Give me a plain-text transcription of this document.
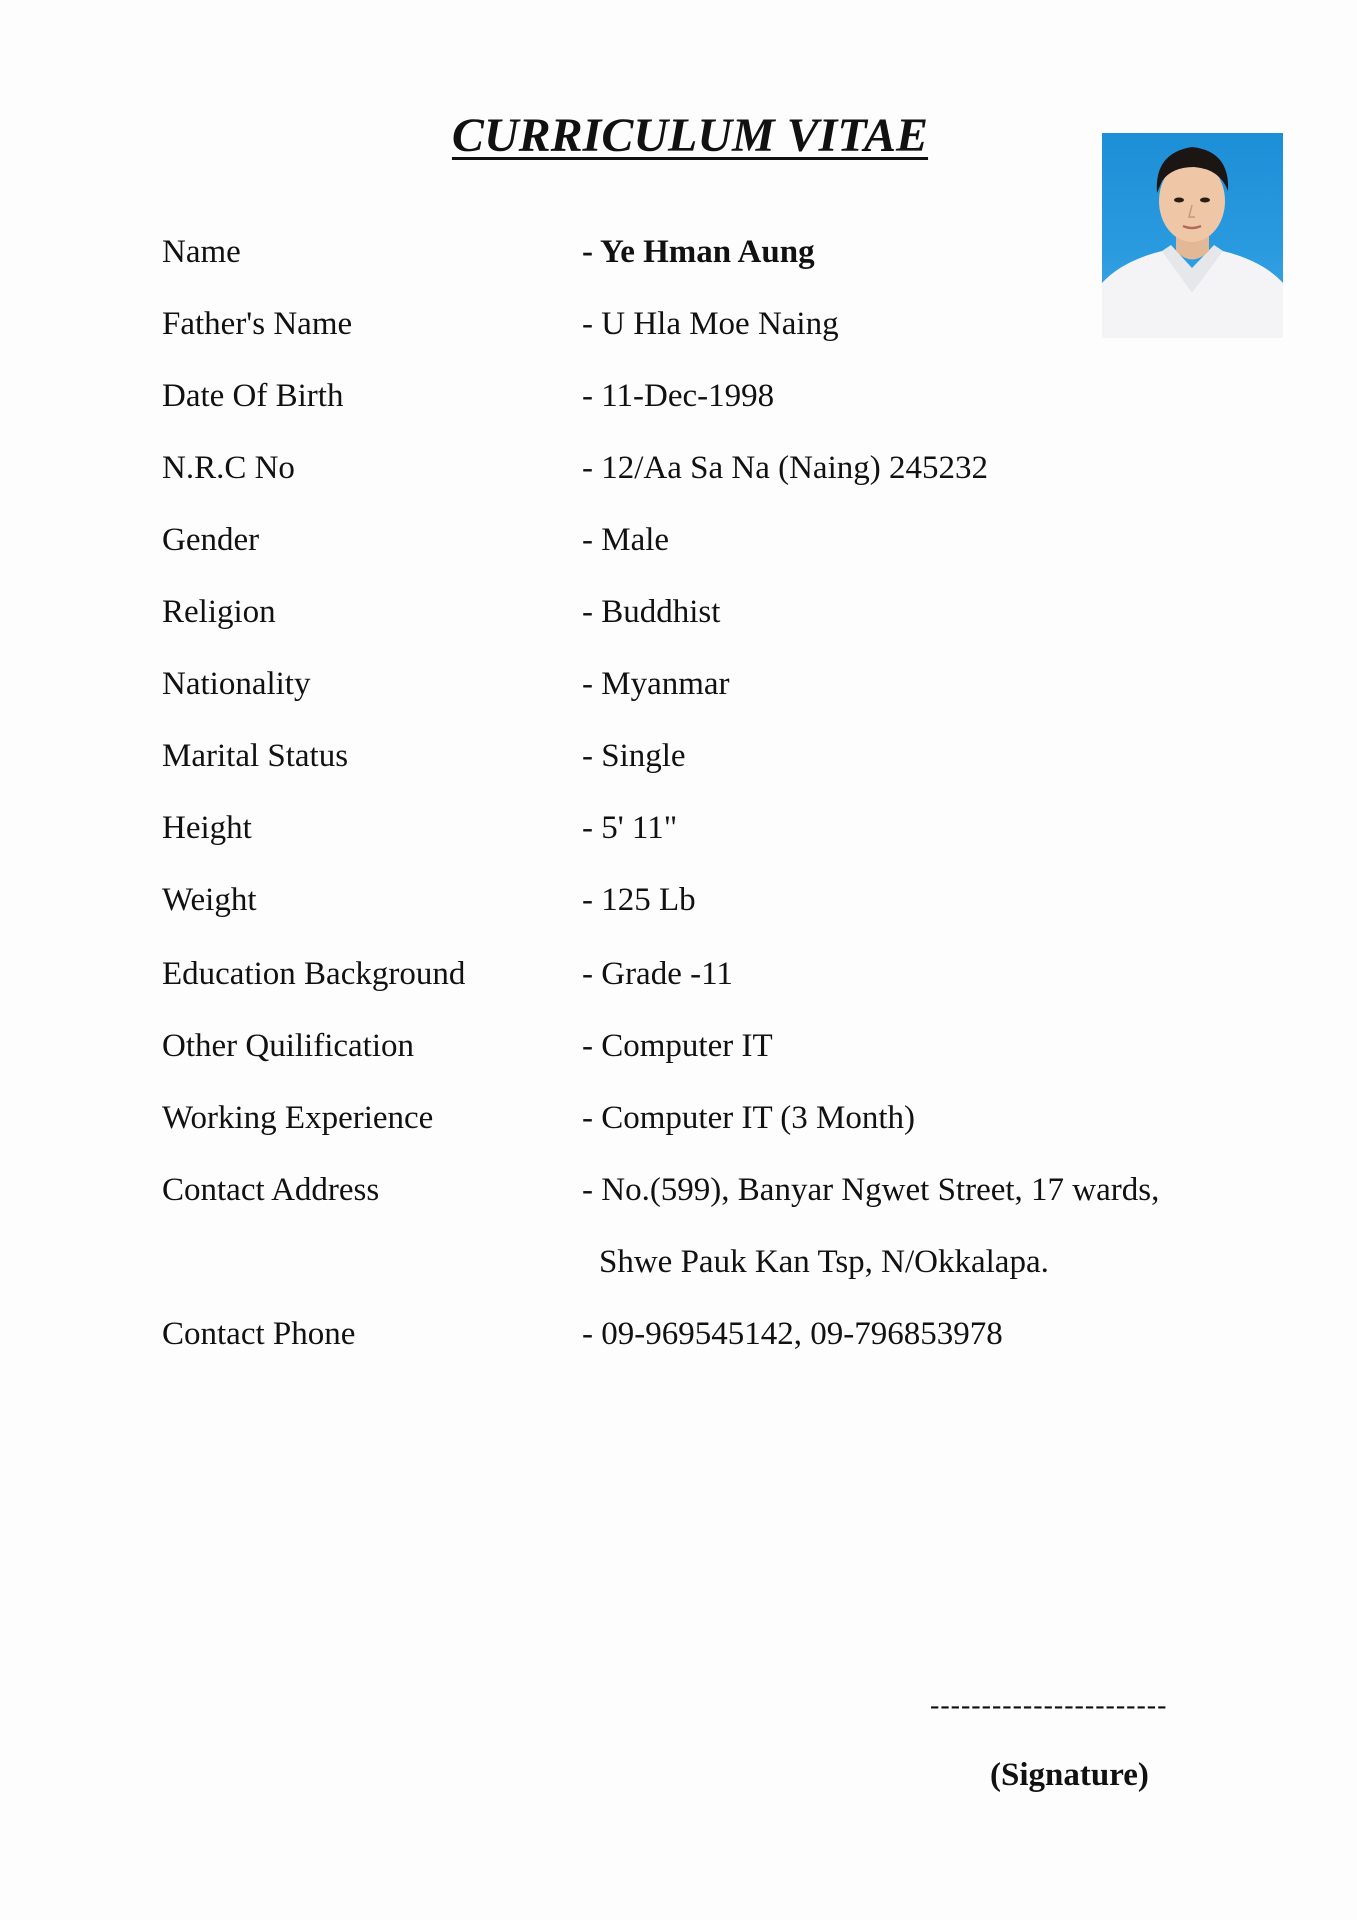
CURRICULUM VITAE
Name	- Ye Hman Aung
Father's Name	- U Hla Moe Naing
Date Of Birth	- 11-Dec-1998
N.R.C No	- 12/Aa Sa Na (Naing) 245232
Gender	- Male
Religion	- Buddhist
Nationality	- Myanmar
Marital Status	- Single
Height	- 5' 11"
Weight	- 125 Lb
Education Background	- Grade -11
Other Quilification	- Computer IT
Working Experience	- Computer IT (3 Month)
Contact Address	- No.(599), Banyar Ngwet Street, 17 wards,
Shwe Pauk Kan Tsp, N/Okkalapa.
Contact Phone	- 09-969545142, 09-796853978
-----------------------
(Signature)
